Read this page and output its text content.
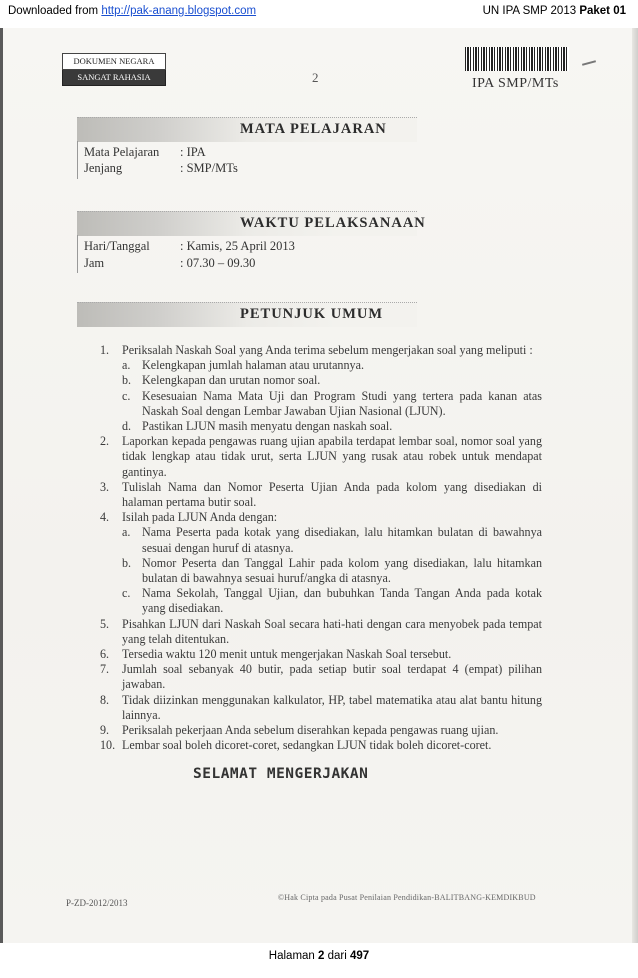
Downloaded from http://pak-anang.blogspot.com	UN IPA SMP 2013 Paket 01
DOKUMEN NEGARA
SANGAT RAHASIA	2	IPA SMP/MTs
MATA PELAJARAN
Mata Pelajaran : IPA
Jenjang	: SMP/MTs
WAKTU PELAKSANAAN
Hari/Tanggal : Kamis, 25 April 2013
Jam	: 07.30 – 09.30
PETUNJUK UMUM
1. Periksalah Naskah Soal yang Anda terima sebelum mengerjakan soal yang meliputi :
a. Kelengkapan jumlah halaman atau urutannya.
b. Kelengkapan dan urutan nomor soal.
c. Kesesuaian Nama Mata Uji dan Program Studi yang tertera pada kanan atas Naskah Soal dengan Lembar Jawaban Ujian Nasional (LJUN).
d. Pastikan LJUN masih menyatu dengan naskah soal.
2. Laporkan kepada pengawas ruang ujian apabila terdapat lembar soal, nomor soal yang tidak lengkap atau tidak urut, serta LJUN yang rusak atau robek untuk mendapat gantinya.
3. Tulislah Nama dan Nomor Peserta Ujian Anda pada kolom yang disediakan di halaman pertama butir soal.
4. Isilah pada LJUN Anda dengan:
a. Nama Peserta pada kotak yang disediakan, lalu hitamkan bulatan di bawahnya sesuai dengan huruf di atasnya.
b. Nomor Peserta dan Tanggal Lahir pada kolom yang disediakan, lalu hitamkan bulatan di bawahnya sesuai huruf/angka di atasnya.
c. Nama Sekolah, Tanggal Ujian, dan bubuhkan Tanda Tangan Anda pada kotak yang disediakan.
5. Pisahkan LJUN dari Naskah Soal secara hati-hati dengan cara menyobek pada tempat yang telah ditentukan.
6. Tersedia waktu 120 menit untuk mengerjakan Naskah Soal tersebut.
7. Jumlah soal sebanyak 40 butir, pada setiap butir soal terdapat 4 (empat) pilihan jawaban.
8. Tidak diizinkan menggunakan kalkulator, HP, tabel matematika atau alat bantu hitung lainnya.
9. Periksalah pekerjaan Anda sebelum diserahkan kepada pengawas ruang ujian.
10. Lembar soal boleh dicoret-coret, sedangkan LJUN tidak boleh dicoret-coret.
SELAMAT MENGERJAKAN
P-ZD-2012/2013
©Hak Cipta pada Pusat Penilaian Pendidikan-BALITBANG-KEMDIKBUD
Halaman 2 dari 497
